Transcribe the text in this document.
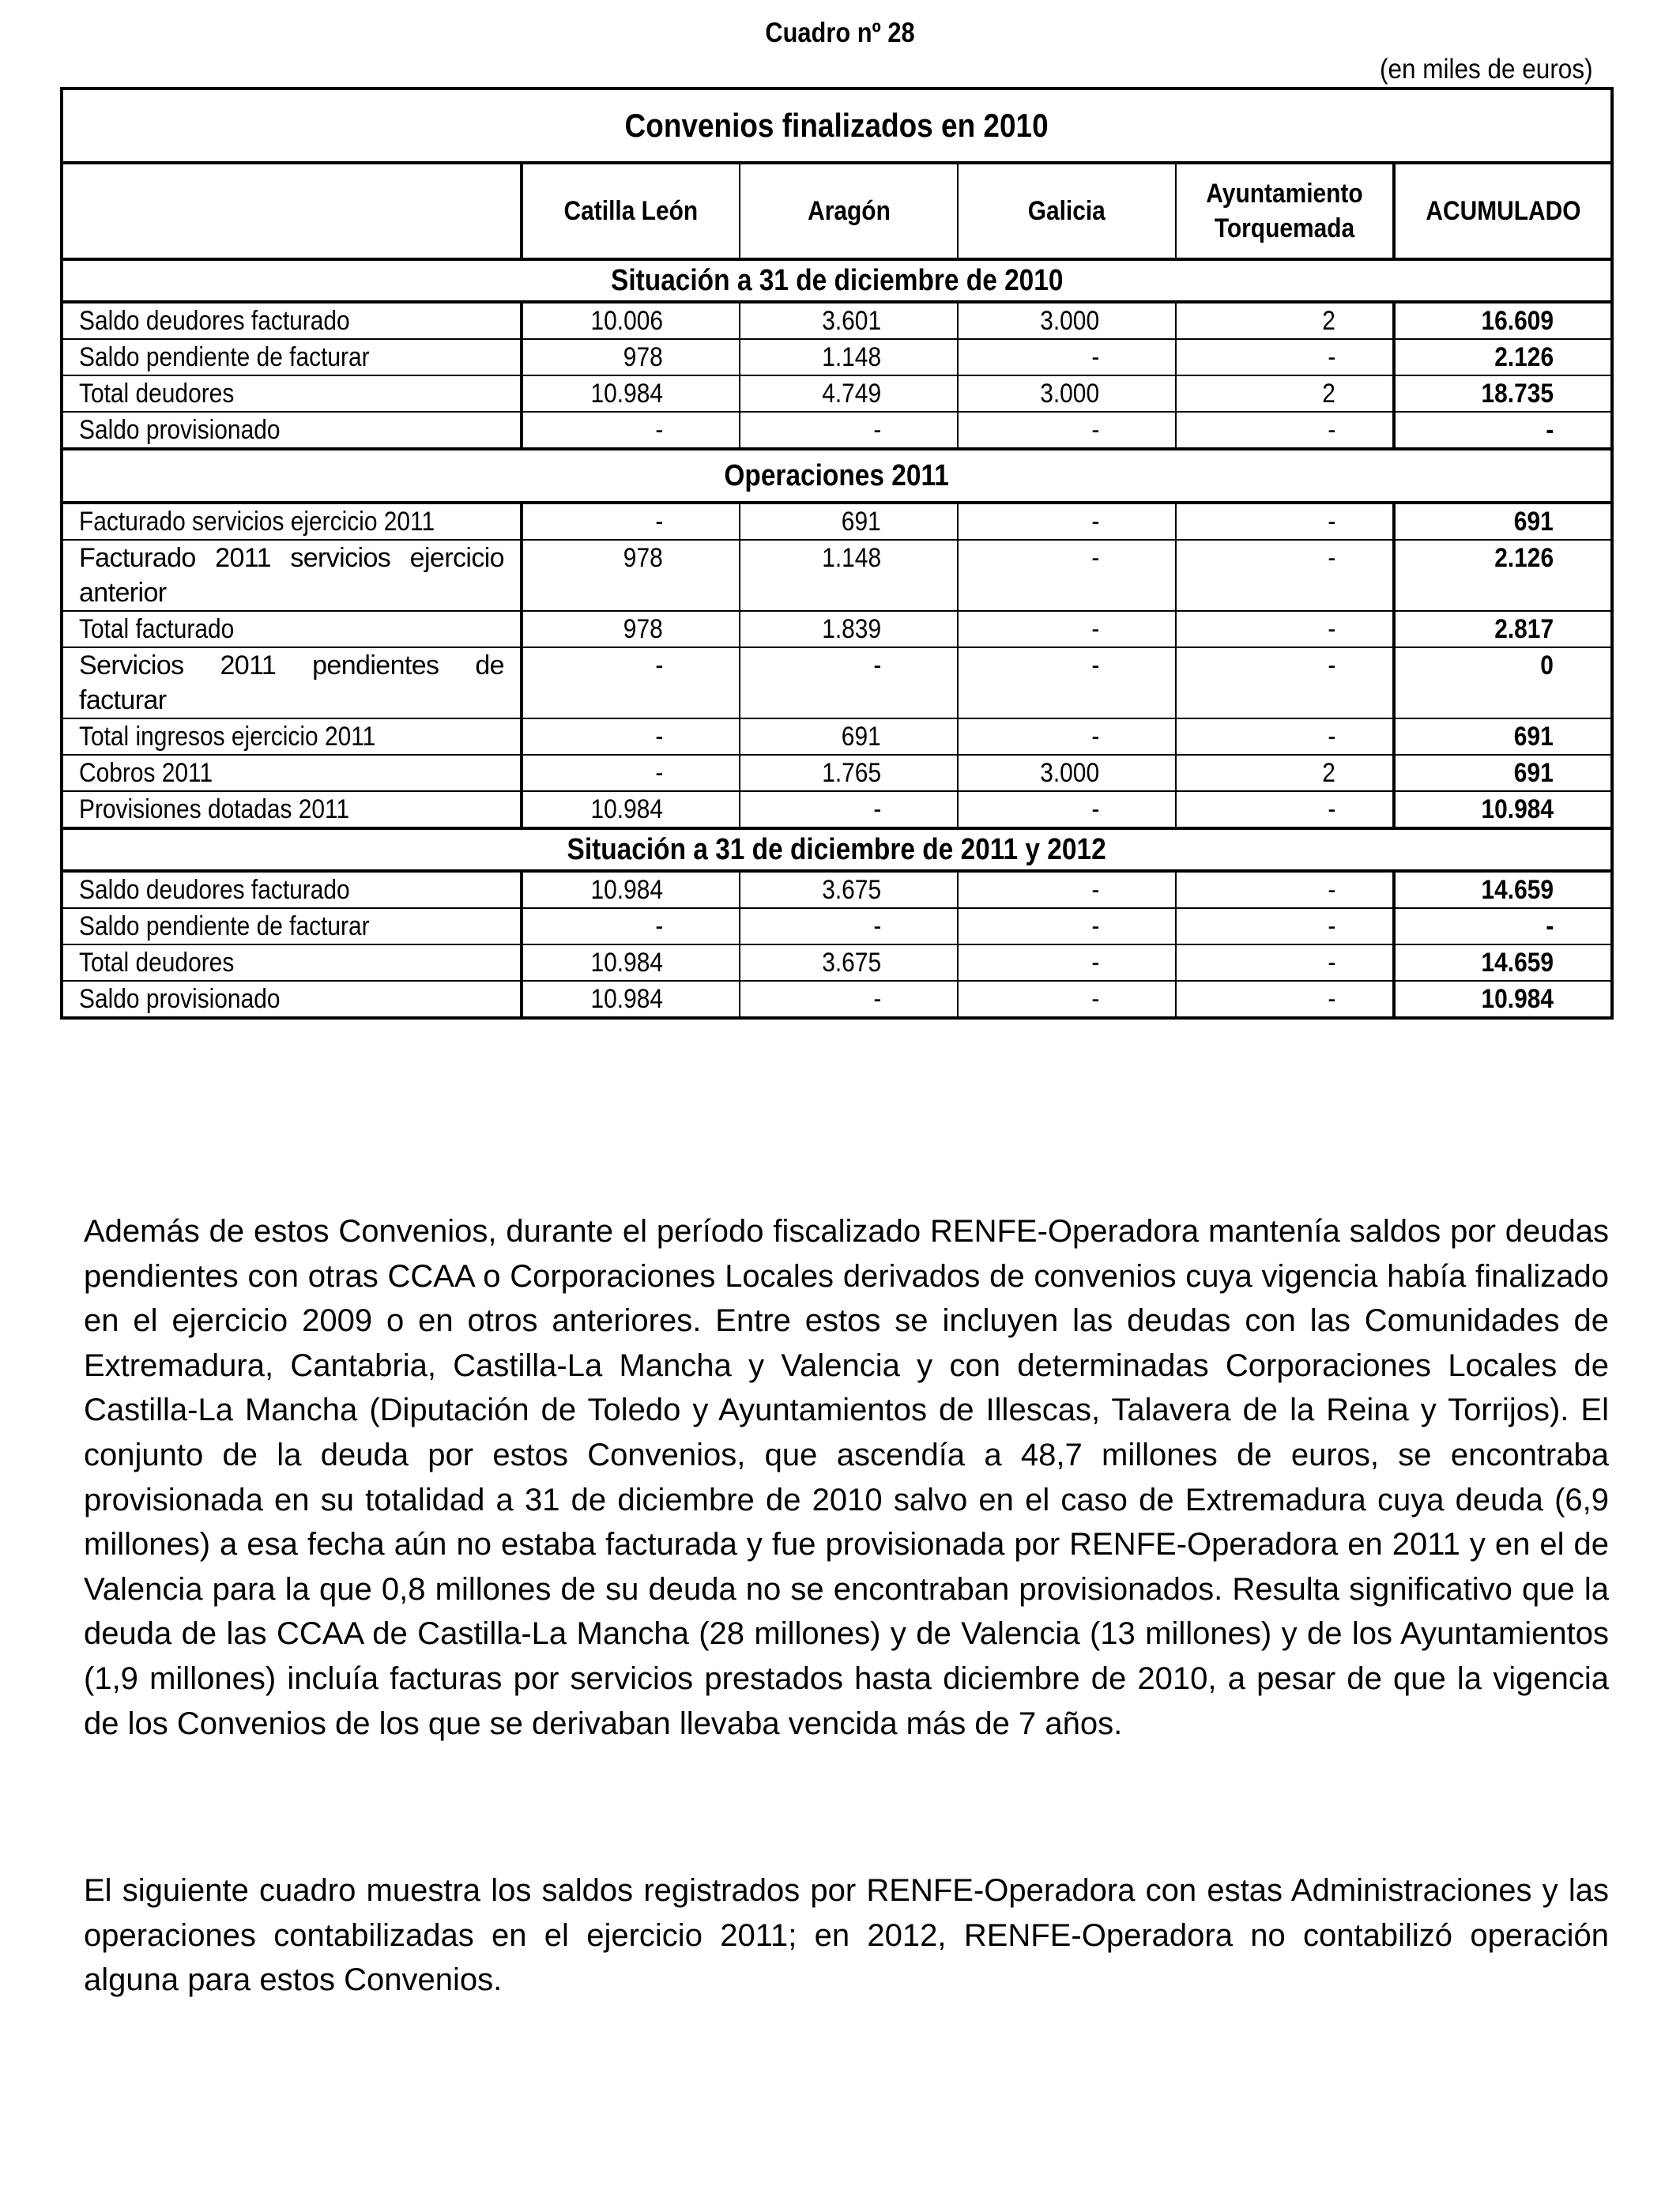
Cuadro nº 28
(en miles de euros)
Convenios finalizados en 2010					
	Catilla León	Aragón	Galicia	Ayuntamiento Torquemada	ACUMULADO
Situación a 31 de diciembre de 2010					
Saldo deudores facturado	10.006	3.601	3.000	2	16.609
Saldo pendiente de facturar	978	1.148	-	-	2.126
Total deudores	10.984	4.749	3.000	2	18.735
Saldo provisionado	-	-	-	-	-
Operaciones 2011					
Facturado servicios ejercicio 2011	-	691	-	-	691
Facturado 2011 servicios ejercicio anterior	978	1.148	-	-	2.126
Total facturado	978	1.839	-	-	2.817
Servicios 2011 pendientes de facturar	-	-	-	-	0
Total ingresos ejercicio 2011	-	691	-	-	691
Cobros 2011	-	1.765	3.000	2	691
Provisiones dotadas 2011	10.984	-	-	-	10.984
Situación a 31 de diciembre de 2011 y 2012					
Saldo deudores facturado	10.984	3.675	-	-	14.659
Saldo pendiente de facturar	-	-	-	-	-
Total deudores	10.984	3.675	-	-	14.659
Saldo provisionado	10.984	-	-	-	10.984

Además de estos Convenios, durante el período fiscalizado RENFE-Operadora mantenía saldos por deudas pendientes con otras CCAA o Corporaciones Locales derivados de convenios cuya vigencia había finalizado en el ejercicio 2009 o en otros anteriores. Entre estos se incluyen las deudas con las Comunidades de Extremadura, Cantabria, Castilla-La Mancha y Valencia y con determinadas Corporaciones Locales de Castilla-La Mancha (Diputación de Toledo y Ayuntamientos de Illescas, Talavera de la Reina y Torrijos). El conjunto de la deuda por estos Convenios, que ascendía a 48,7 millones de euros, se encontraba provisionada en su totalidad a 31 de diciembre de 2010 salvo en el caso de Extremadura cuya deuda (6,9 millones) a esa fecha aún no estaba facturada y fue provisionada por RENFE-Operadora en 2011 y en el de Valencia para la que 0,8 millones de su deuda no se encontraban provisionados. Resulta significativo que la deuda de las CCAA de Castilla-La Mancha (28 millones) y de Valencia (13 millones) y de los Ayuntamientos (1,9 millones) incluía facturas por servicios prestados hasta diciembre de 2010, a pesar de que la vigencia de los Convenios de los que se derivaban llevaba vencida más de 7 años.

El siguiente cuadro muestra los saldos registrados por RENFE-Operadora con estas Administraciones y las operaciones contabilizadas en el ejercicio 2011; en 2012, RENFE-Operadora no contabilizó operación alguna para estos Convenios.
